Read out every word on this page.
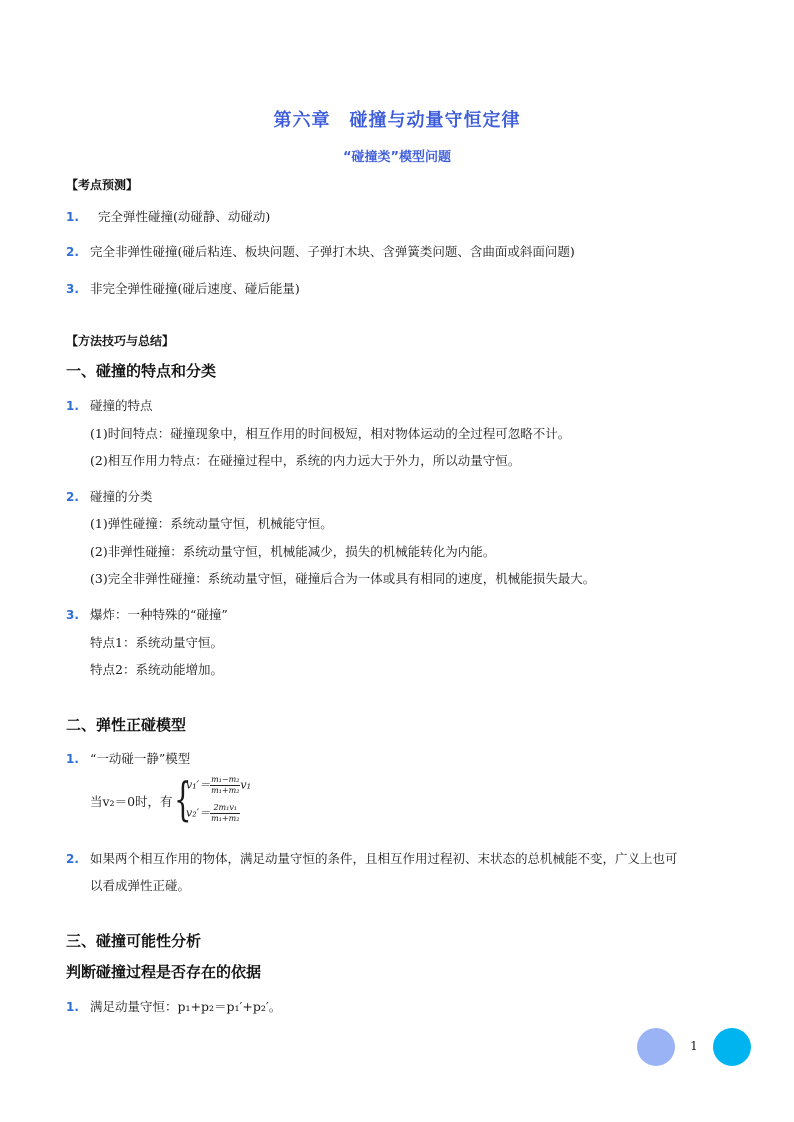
第六章　碰撞与动量守恒定律
“碰撞类”模型问题
【考点预测】
1. 完全弹性碰撞(动碰静、动碰动)
2. 完全非弹性碰撞(碰后粘连、板块问题、子弹打木块、含弹簧类问题、含曲面或斜面问题)
3. 非完全弹性碰撞(碰后速度、碰后能量)
【方法技巧与总结】
一、碰撞的特点和分类
1. 碰撞的特点
(1)时间特点：碰撞现象中，相互作用的时间极短，相对物体运动的全过程可忽略不计。
(2)相互作用力特点：在碰撞过程中，系统的内力远大于外力，所以动量守恒。
2. 碰撞的分类
(1)弹性碰撞：系统动量守恒，机械能守恒。
(2)非弹性碰撞：系统动量守恒，机械能减少，损失的机械能转化为内能。
(3)完全非弹性碰撞：系统动量守恒，碰撞后合为一体或具有相同的速度，机械能损失最大。
3. 爆炸：一种特殊的“碰撞”
特点1：系统动量守恒。
特点2：系统动能增加。
二、弹性正碰模型
1. “一动碰一静”模型
当v₂＝0时，有 {
$v_1'= \frac{\text{m₁−m₂}}{\text{m₁+m₂}} v_1$
$v_2'= \frac{\text{2m₁v₁}}{\text{m₁+m₂}}$
2. 如果两个相互作用的物体，满足动量守恒的条件，且相互作用过程初、末状态的总机械能不变，广义上也可
以看成弹性正碰。
三、碰撞可能性分析
判断碰撞过程是否存在的依据
1. 满足动量守恒：p₁+p₂＝p₁′+p₂′。
1
